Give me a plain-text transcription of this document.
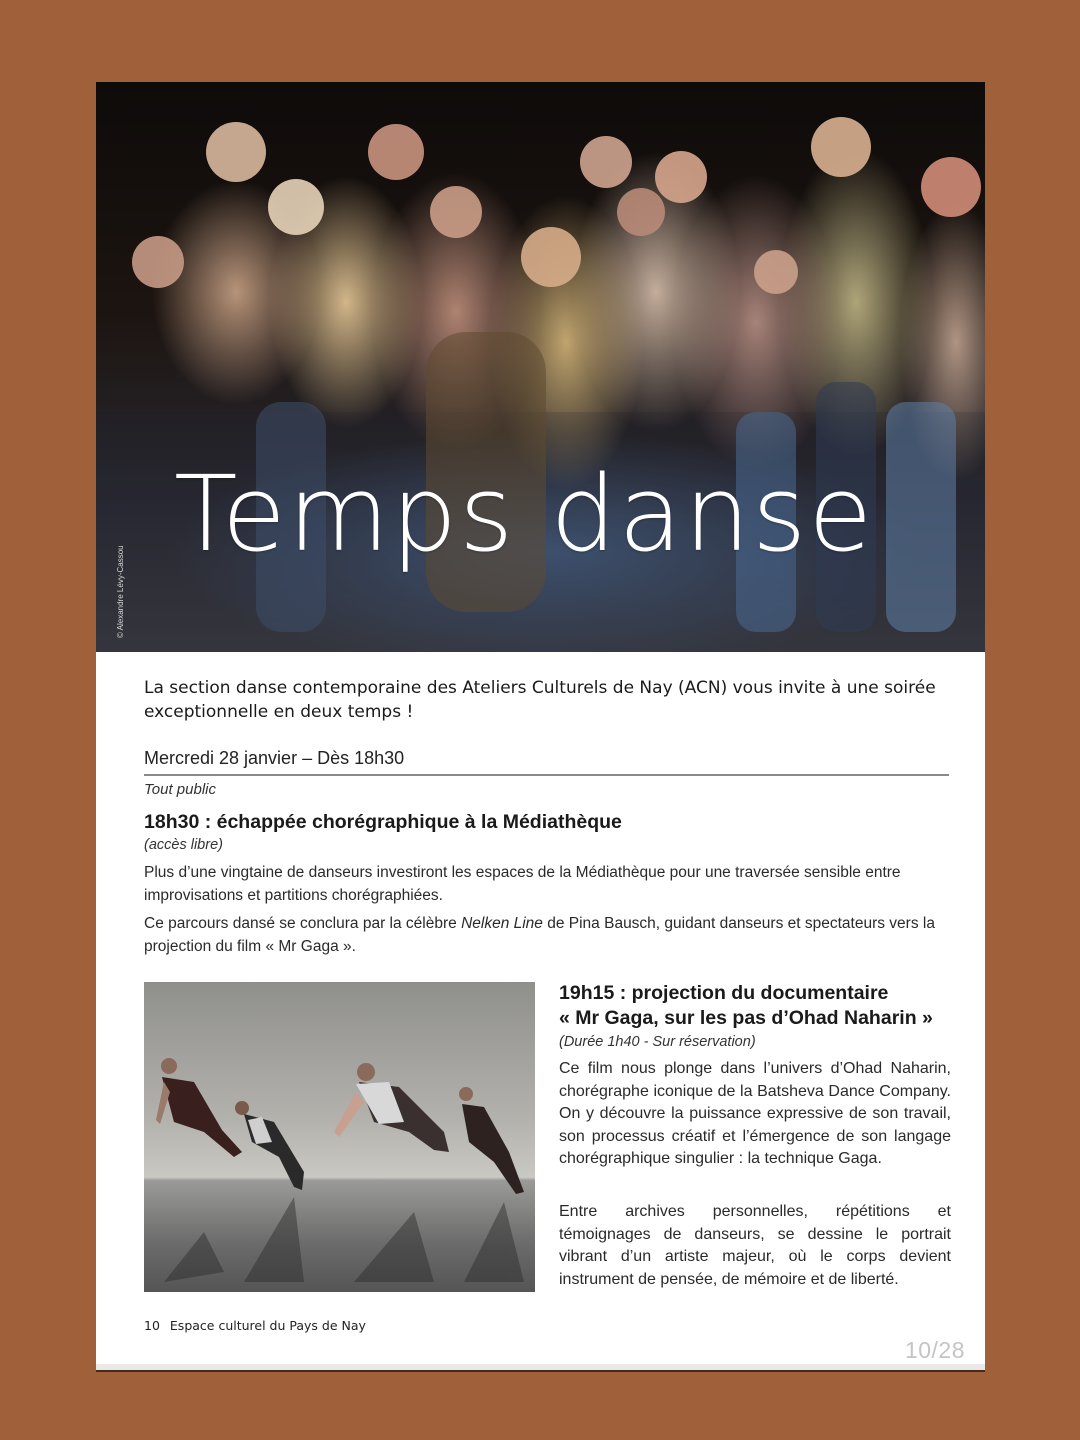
Temps danse
© Alexandre Lévy-Cassou
La section danse contemporaine des Ateliers Culturels de Nay (ACN) vous invite à une soirée exceptionnelle en deux temps !
Mercredi 28 janvier – Dès 18h30
Tout public
18h30 : échappée chorégraphique à la Médiathèque
(accès libre)
Plus d’une vingtaine de danseurs investiront les espaces de la Médiathèque pour une traversée sensible entre improvisations et partitions chorégraphiées.
Ce parcours dansé se conclura par la célèbre Nelken Line de Pina Bausch, guidant danseurs et spectateurs vers la projection du film « Mr Gaga ».
19h15 : projection du documentaire
« Mr Gaga, sur les pas d’Ohad Naharin »
(Durée 1h40 - Sur réservation)
Ce film nous plonge dans l’univers d’Ohad Naharin, chorégraphe iconique de la Batsheva Dance Company. On y découvre la puissance expressive de son travail, son processus créatif et l’émergence de son langage chorégraphique singulier : la technique Gaga.
Entre archives personnelles, répétitions et témoignages de danseurs, se dessine le portrait vibrant d’un artiste majeur, où le corps devient instrument de pensée, de mémoire et de liberté.
10 Espace culturel du Pays de Nay
10/28
